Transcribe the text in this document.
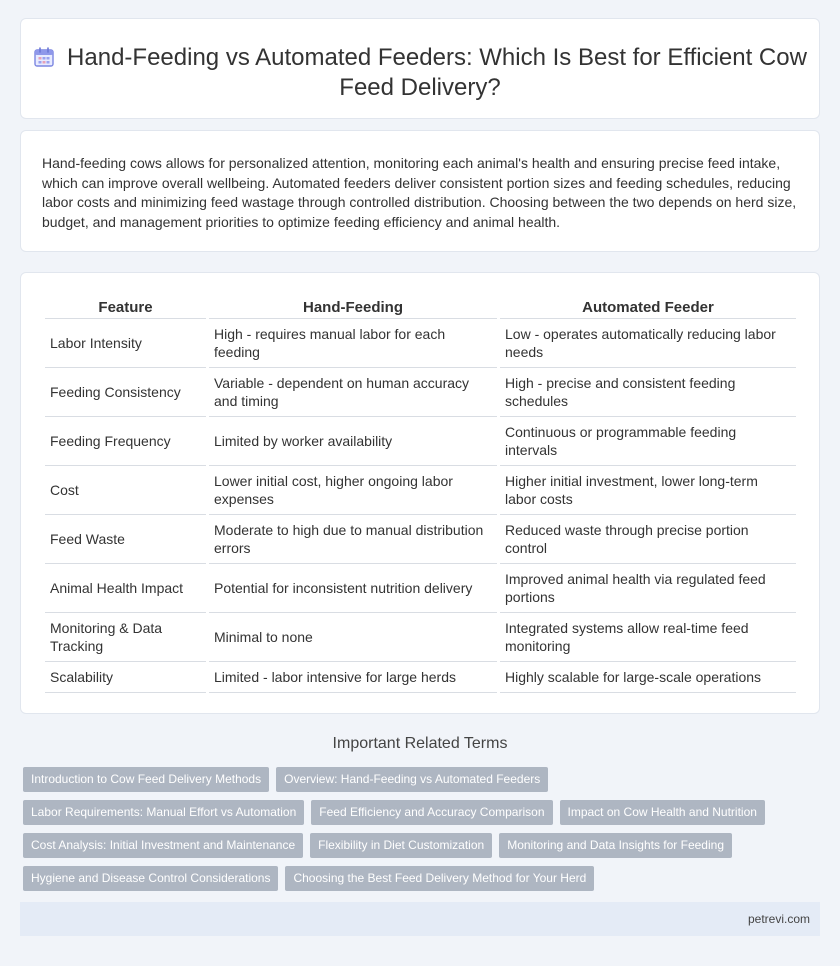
Hand-Feeding vs Automated Feeders: Which Is Best for Efficient Cow Feed Delivery?

Hand-feeding cows allows for personalized attention, monitoring each animal's health and ensuring precise feed intake, which can improve overall wellbeing. Automated feeders deliver consistent portion sizes and feeding schedules, reducing labor costs and minimizing feed wastage through controlled distribution. Choosing between the two depends on herd size, budget, and management priorities to optimize feeding efficiency and animal health.

Feature	Hand-Feeding	Automated Feeder
Labor Intensity	High - requires manual labor for each feeding	Low - operates automatically reducing labor needs
Feeding Consistency	Variable - dependent on human accuracy and timing	High - precise and consistent feeding schedules
Feeding Frequency	Limited by worker availability	Continuous or programmable feeding intervals
Cost	Lower initial cost, higher ongoing labor expenses	Higher initial investment, lower long-term labor costs
Feed Waste	Moderate to high due to manual distribution errors	Reduced waste through precise portion control
Animal Health Impact	Potential for inconsistent nutrition delivery	Improved animal health via regulated feed portions
Monitoring & Data Tracking	Minimal to none	Integrated systems allow real-time feed monitoring
Scalability	Limited - labor intensive for large herds	Highly scalable for large-scale operations
Important Related Terms
Introduction to Cow Feed Delivery Methods	Overview: Hand-Feeding vs Automated Feeders
Labor Requirements: Manual Effort vs Automation	Feed Efficiency and Accuracy Comparison	Impact on Cow Health and Nutrition
Cost Analysis: Initial Investment and Maintenance	Flexibility in Diet Customization	Monitoring and Data Insights for Feeding
Hygiene and Disease Control Considerations	Choosing the Best Feed Delivery Method for Your Herd
petrevi.com
